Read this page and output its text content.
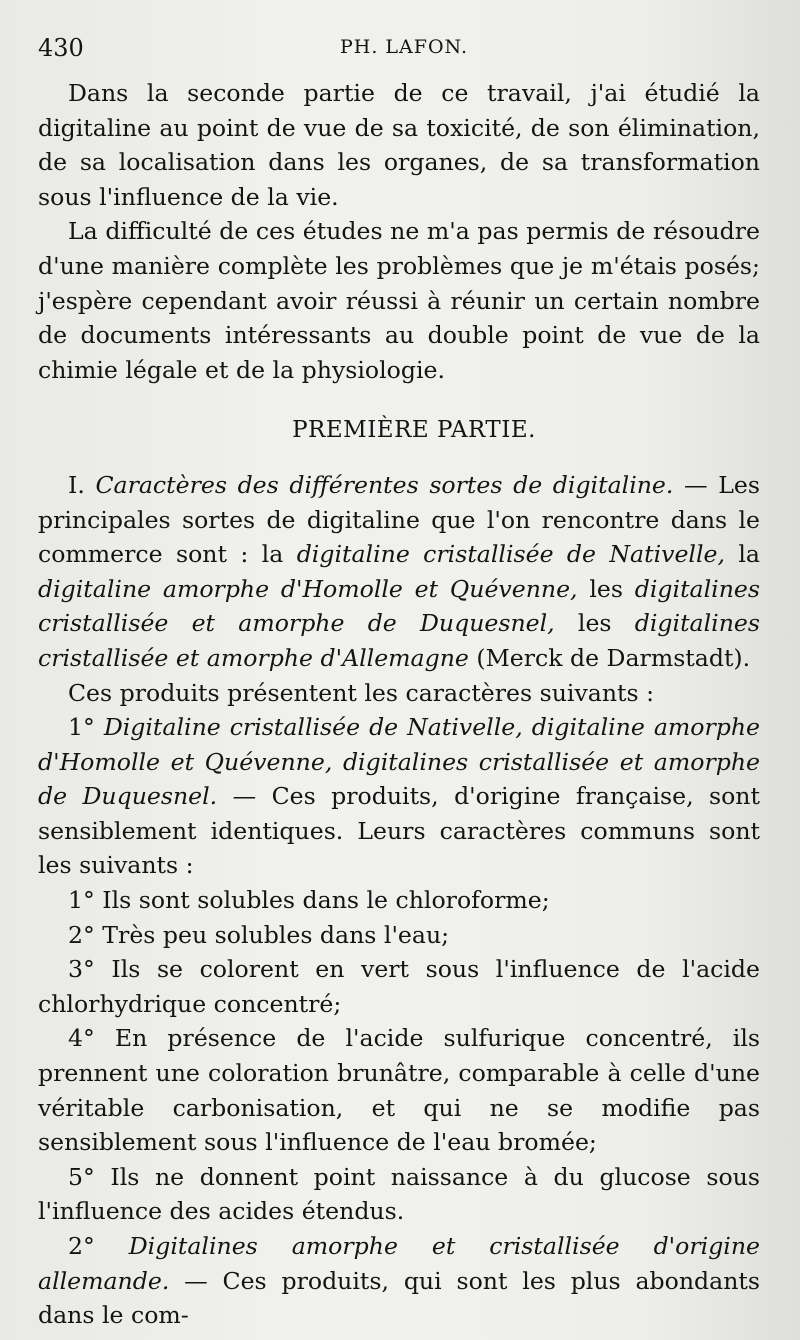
430	PH. LAFON.

Dans la seconde partie de ce travail, j'ai étudié la digitaline au point de vue de sa toxicité, de son élimination, de sa localisation dans les organes, de sa transformation sous l'influence de la vie.

La difficulté de ces études ne m'a pas permis de résoudre d'une manière complète les problèmes que je m'étais posés; j'espère cependant avoir réussi à réunir un certain nombre de documents intéressants au double point de vue de la chimie légale et de la physiologie.

PREMIÈRE PARTIE.

I. Caractères des différentes sortes de digitaline. — Les principales sortes de digitaline que l'on rencontre dans le commerce sont : la digitaline cristallisée de Nativelle, la digitaline amorphe d'Homolle et Quévenne, les digitalines cristallisée et amorphe de Duquesnel, les digitalines cristallisée et amorphe d'Allemagne (Merck de Darmstadt).

Ces produits présentent les caractères suivants :

1° Digitaline cristallisée de Nativelle, digitaline amorphe d'Homolle et Quévenne, digitalines cristallisée et amorphe de Duquesnel. — Ces produits, d'origine française, sont sensiblement identiques. Leurs caractères communs sont les suivants :

1° Ils sont solubles dans le chloroforme;

2° Très peu solubles dans l'eau;

3° Ils se colorent en vert sous l'influence de l'acide chlorhydrique concentré;

4° En présence de l'acide sulfurique concentré, ils prennent une coloration brunâtre, comparable à celle d'une véritable carbonisation, et qui ne se modifie pas sensiblement sous l'influence de l'eau bromée;

5° Ils ne donnent point naissance à du glucose sous l'influence des acides étendus.

2° Digitalines amorphe et cristallisée d'origine allemande. — Ces produits, qui sont les plus abondants dans le com-
